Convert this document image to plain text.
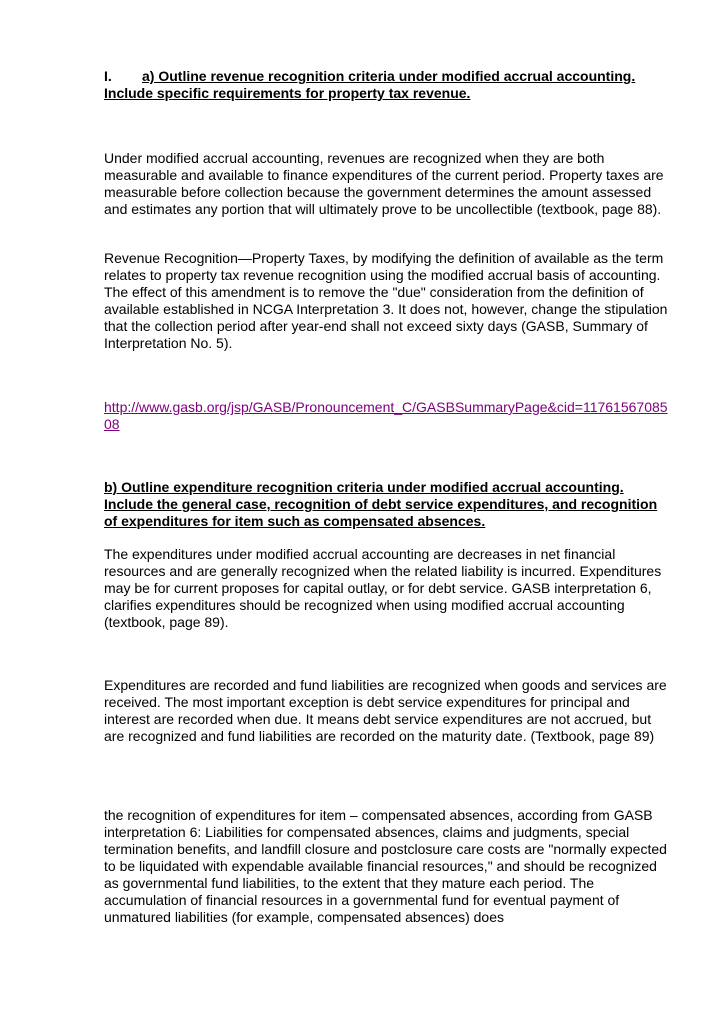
I. a) Outline revenue recognition criteria under modified accrual accounting.
Include specific requirements for property tax revenue.

Under modified accrual accounting, revenues are recognized when they are both measurable and available to finance expenditures of the current period. Property taxes are measurable before collection because the government determines the amount assessed and estimates any portion that will ultimately prove to be uncollectible (textbook, page 88).

Revenue Recognition—Property Taxes, by modifying the definition of available as the term relates to property tax revenue recognition using the modified accrual basis of accounting. The effect of this amendment is to remove the "due" consideration from the definition of available established in NCGA Interpretation 3. It does not, however, change the stipulation that the collection period after year-end shall not exceed sixty days (GASB, Summary of Interpretation No. 5).

http://www.gasb.org/jsp/GASB/Pronouncement_C/GASBSummaryPage&cid=1176156708508

b) Outline expenditure recognition criteria under modified accrual accounting. Include the general case, recognition of debt service expenditures, and recognition of expenditures for item such as compensated absences.

The expenditures under modified accrual accounting are decreases in net financial resources and are generally recognized when the related liability is incurred. Expenditures may be for current proposes for capital outlay, or for debt service. GASB interpretation 6, clarifies expenditures should be recognized when using modified accrual accounting (textbook, page 89).

Expenditures are recorded and fund liabilities are recognized when goods and services are received. The most important exception is debt service expenditures for principal and interest are recorded when due. It means debt service expenditures are not accrued, but are recognized and fund liabilities are recorded on the maturity date. (Textbook, page 89)

the recognition of expenditures for item – compensated absences, according from GASB interpretation 6: Liabilities for compensated absences, claims and judgments, special termination benefits, and landfill closure and postclosure care costs are "normally expected to be liquidated with expendable available financial resources," and should be recognized as governmental fund liabilities, to the extent that they mature each period. The accumulation of financial resources in a governmental fund for eventual payment of unmatured liabilities (for example, compensated absences) does
